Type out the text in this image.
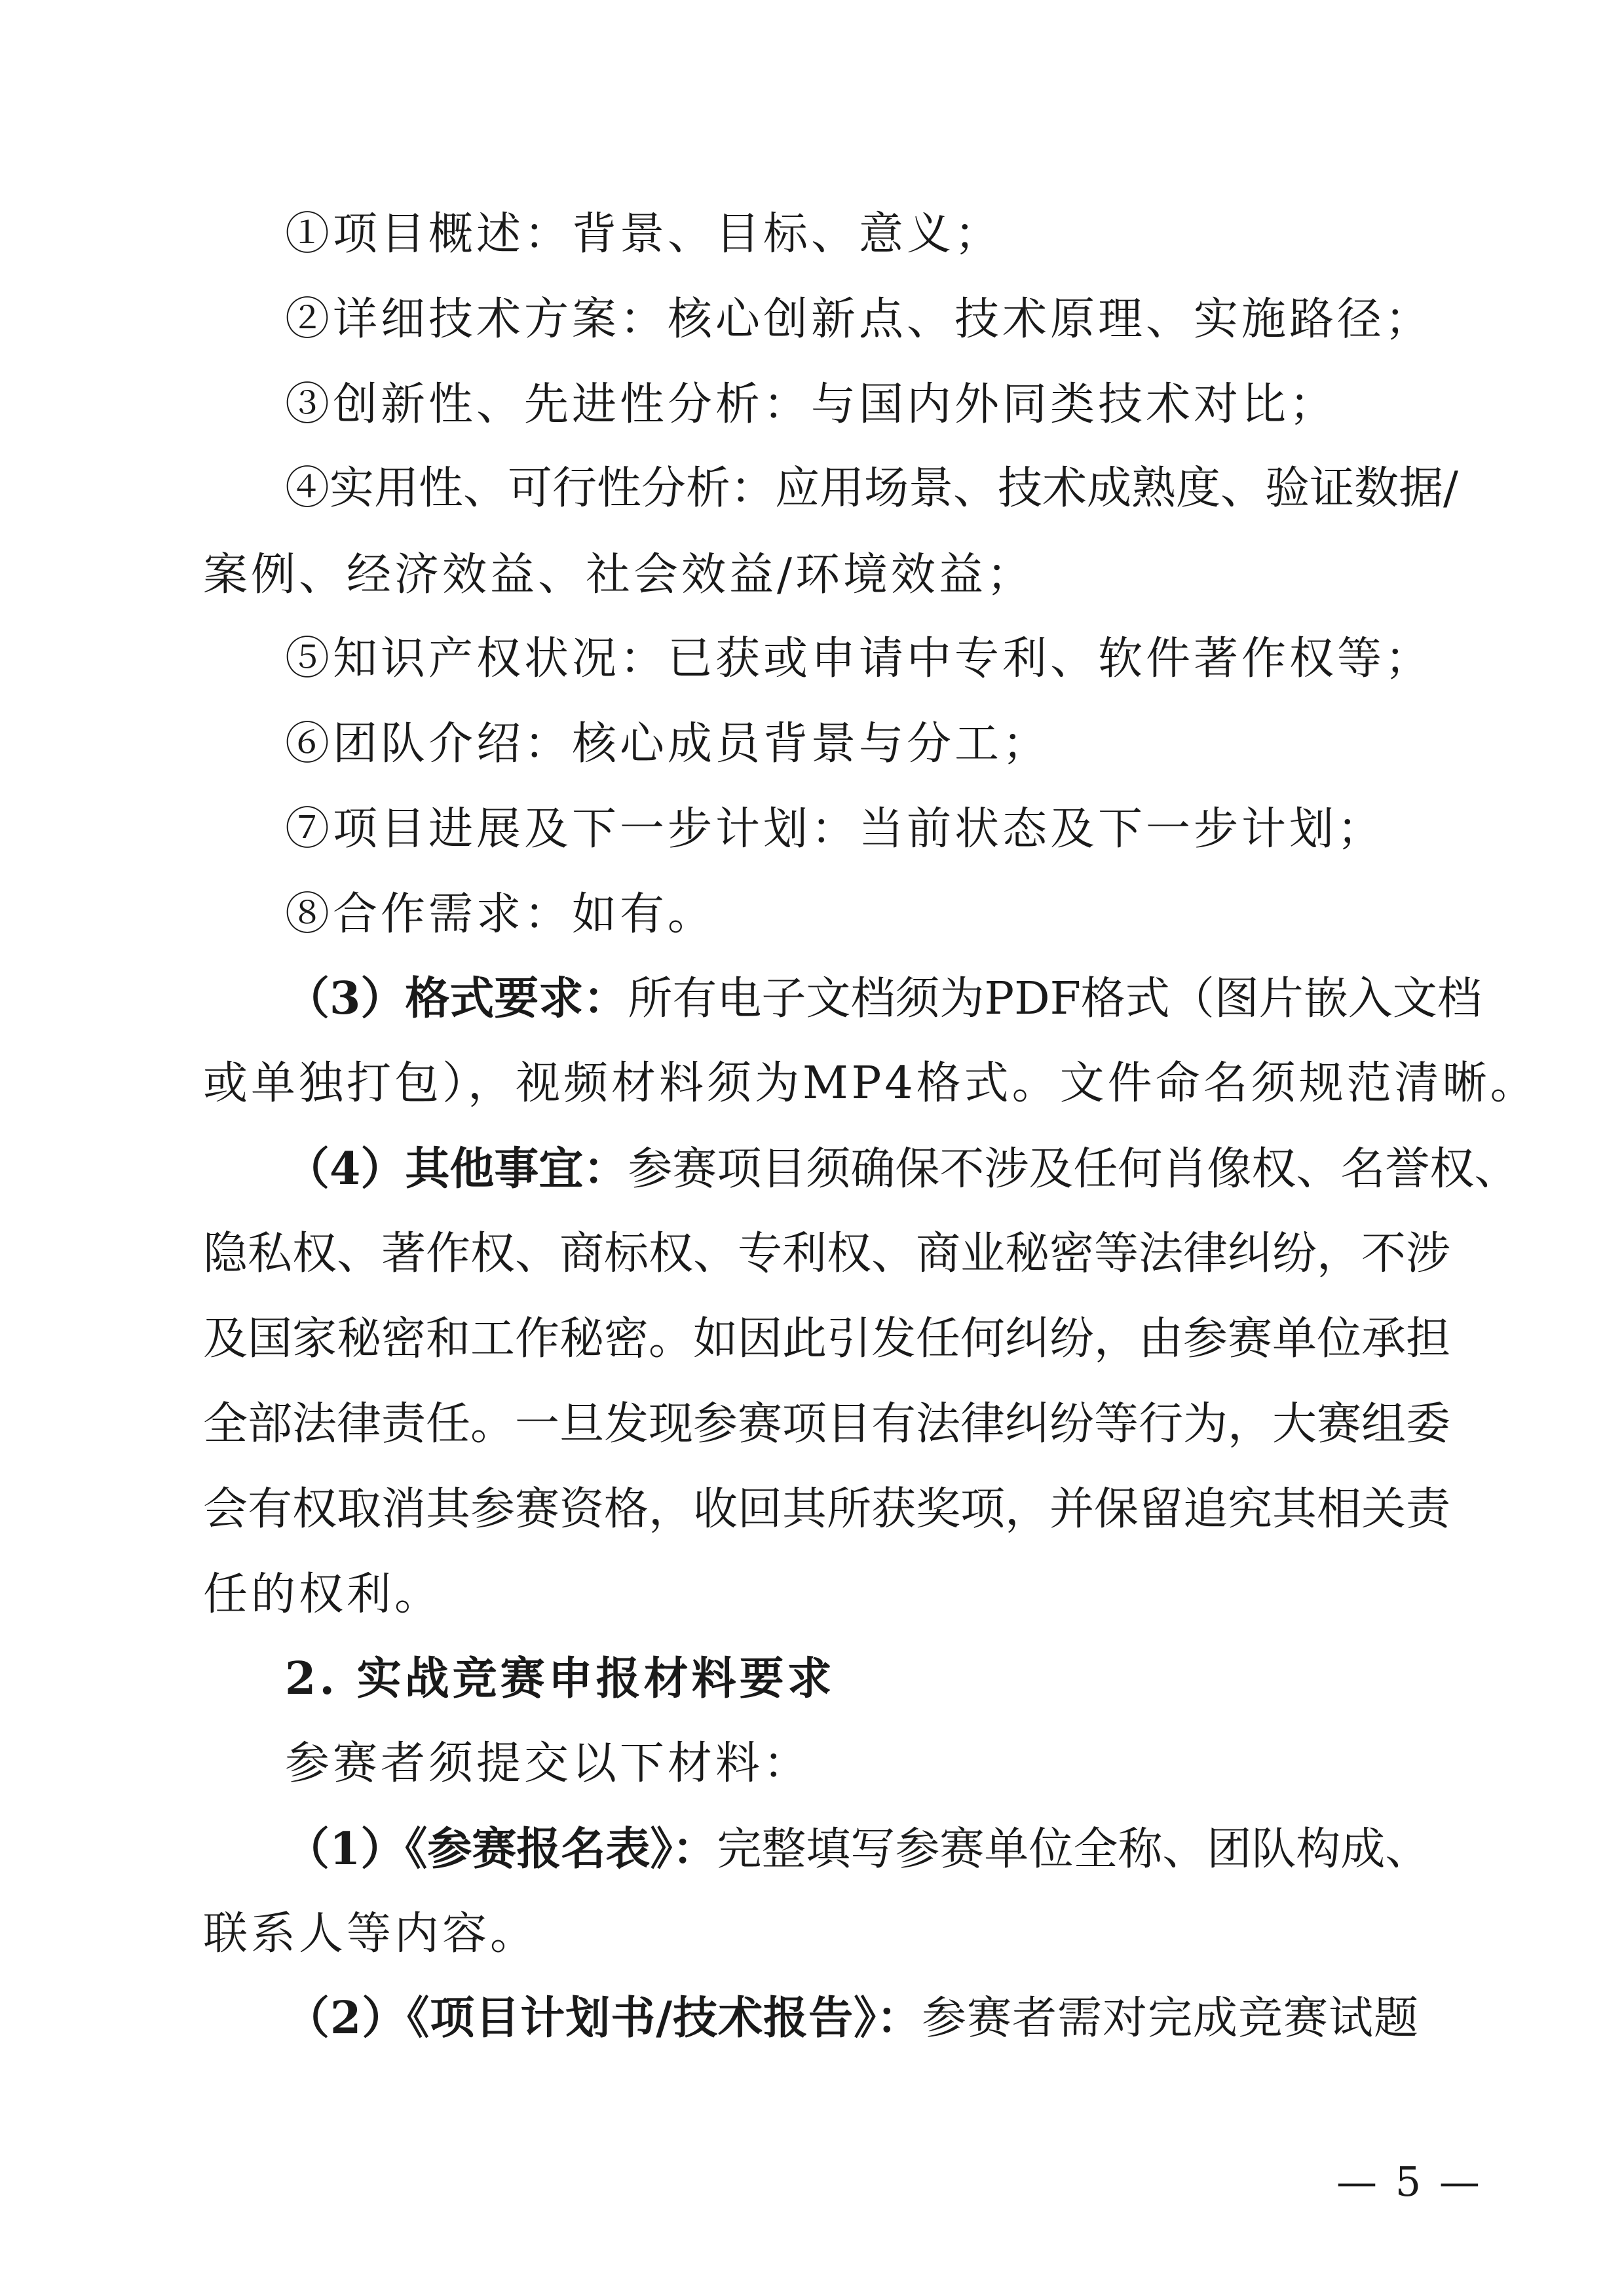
①项目概述：背景、目标、意义；
②详细技术方案：核心创新点、技术原理、实施路径；
③创新性、先进性分析：与国内外同类技术对比；
④实用性、可行性分析：应用场景、技术成熟度、验证数据/
案例、经济效益、社会效益/环境效益；
⑤知识产权状况：已获或申请中专利、软件著作权等；
⑥团队介绍：核心成员背景与分工；
⑦项目进展及下一步计划：当前状态及下一步计划；
⑧合作需求：如有。
（3）格式要求：所有电子文档须为PDF格式（图片嵌入文档
或单独打包），视频材料须为MP4格式。文件命名须规范清晰。
（4）其他事宜：参赛项目须确保不涉及任何肖像权、名誉权、
隐私权、著作权、商标权、专利权、商业秘密等法律纠纷，不涉
及国家秘密和工作秘密。如因此引发任何纠纷，由参赛单位承担
全部法律责任。一旦发现参赛项目有法律纠纷等行为，大赛组委
会有权取消其参赛资格，收回其所获奖项，并保留追究其相关责
任的权利。
2. 实战竞赛申报材料要求
参赛者须提交以下材料：
（1）《参赛报名表》：完整填写参赛单位全称、团队构成、
联系人等内容。
（2）《项目计划书/技术报告》：参赛者需对完成竞赛试题
— 5 —
